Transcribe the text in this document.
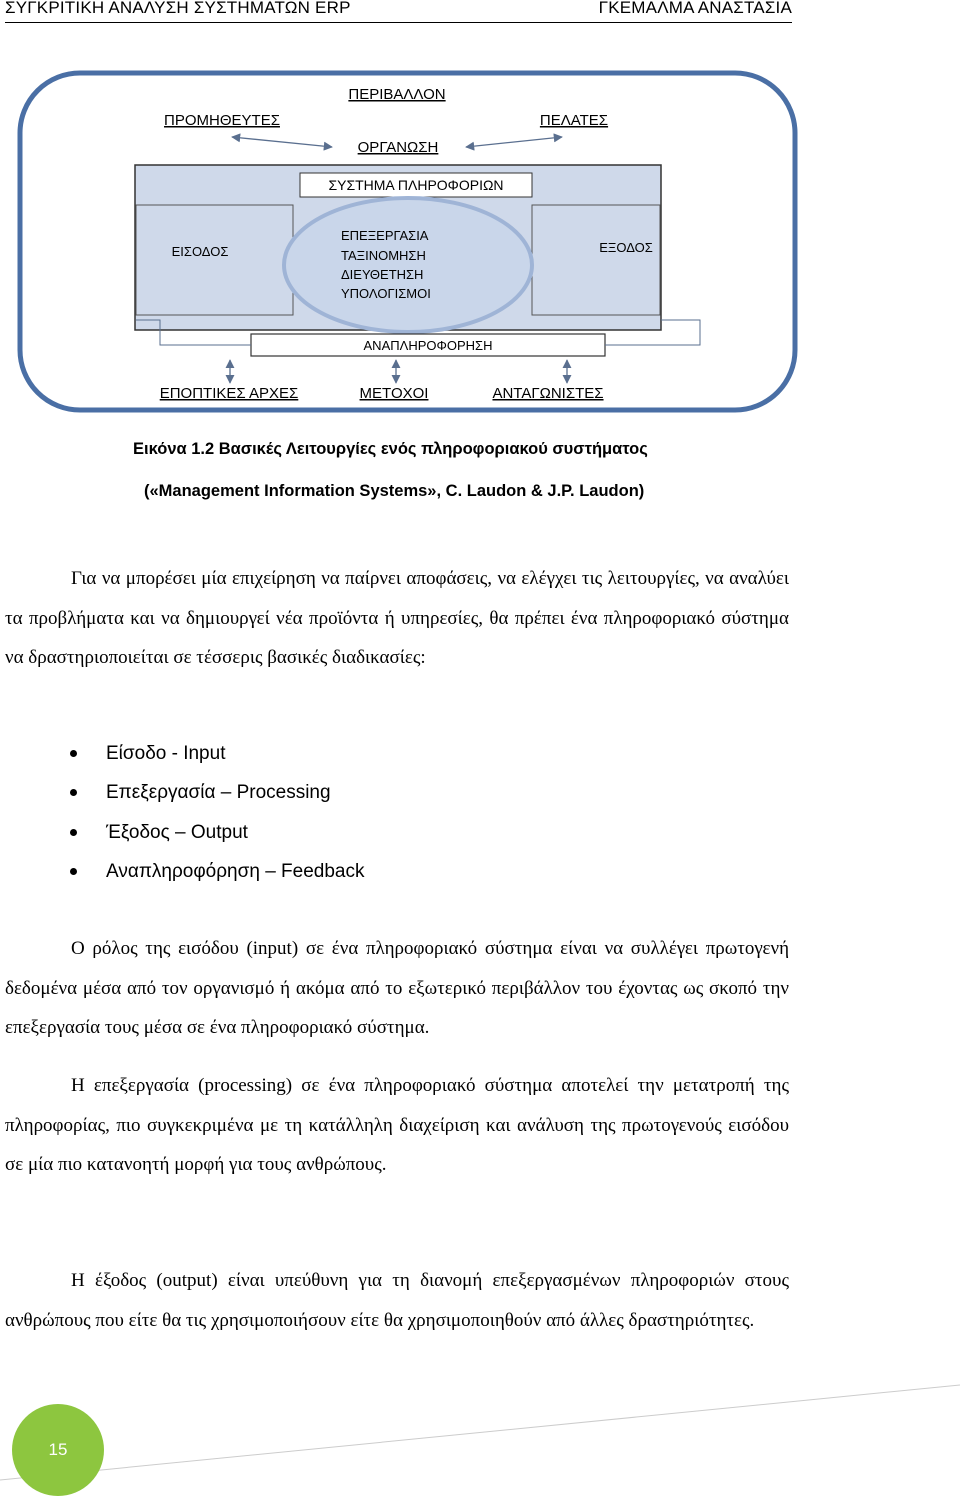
ΣΥΓΚΡΙΤΙΚΗ ΑΝΑΛΥΣΗ ΣΥΣΤΗΜΑΤΩΝ ERP	ΓΚΕΜΑΛΜΑ ΑΝΑΣΤΑΣΙΑ
ΠΕΡΙΒΑΛΛΟΝ
ΠΡΟΜΗΘΕΥΤΕΣ	ΠΕΛΑΤΕΣ
ΟΡΓΑΝΩΣΗ
ΣΥΣΤΗΜΑ ΠΛΗΡΟΦΟΡΙΩΝ
ΕΙΣΟΔΟΣ	ΕΞΟΔΟΣ
ΕΠΕΞΕΡΓΑΣΙΑ
ΤΑΞΙΝΟΜΗΣΗ
ΔΙΕΥΘΕΤΗΣΗ
ΥΠΟΛΟΓΙΣΜΟΙ
ΑΝΑΠΛΗΡΟΦΟΡΗΣΗ
ΕΠΟΠΤΙΚΕΣ ΑΡΧΕΣ	ΜΕΤΟΧΟΙ	ΑΝΤΑΓΩΝΙΣΤΕΣ
Εικόνα 1.2 Βασικές Λειτουργίες ενός πληροφοριακού συστήματος
(«Management Information Systems», C. Laudon & J.P. Laudon)
Για να μπορέσει μία επιχείρηση να παίρνει αποφάσεις, να ελέγχει τις λειτουργίες, να αναλύει τα προβλήματα και να δημιουργεί νέα προϊόντα ή υπηρεσίες, θα πρέπει ένα πληροφοριακό σύστημα να δραστηριοποιείται σε τέσσερις βασικές διαδικασίες:
Είσοδο - Input
Επεξεργασία – Processing
Έξοδος – Output
Αναπληροφόρηση – Feedback
Ο ρόλος της εισόδου (input) σε ένα πληροφοριακό σύστημα είναι να συλλέγει πρωτογενή δεδομένα μέσα από τον οργανισμό ή ακόμα από το εξωτερικό περιβάλλον του έχοντας ως σκοπό την επεξεργασία τους μέσα σε ένα πληροφοριακό σύστημα.
Η επεξεργασία (processing) σε ένα πληροφοριακό σύστημα αποτελεί την μετατροπή της πληροφορίας, πιο συγκεκριμένα με τη κατάλληλη διαχείριση και ανάλυση της πρωτογενούς εισόδου σε μία πιο κατανοητή μορφή για τους ανθρώπους.
Η έξοδος (output) είναι υπεύθυνη για τη διανομή επεξεργασμένων πληροφοριών στους ανθρώπους που είτε θα τις χρησιμοποιήσουν είτε θα χρησιμοποιηθούν από άλλες δραστηριότητες.
15
